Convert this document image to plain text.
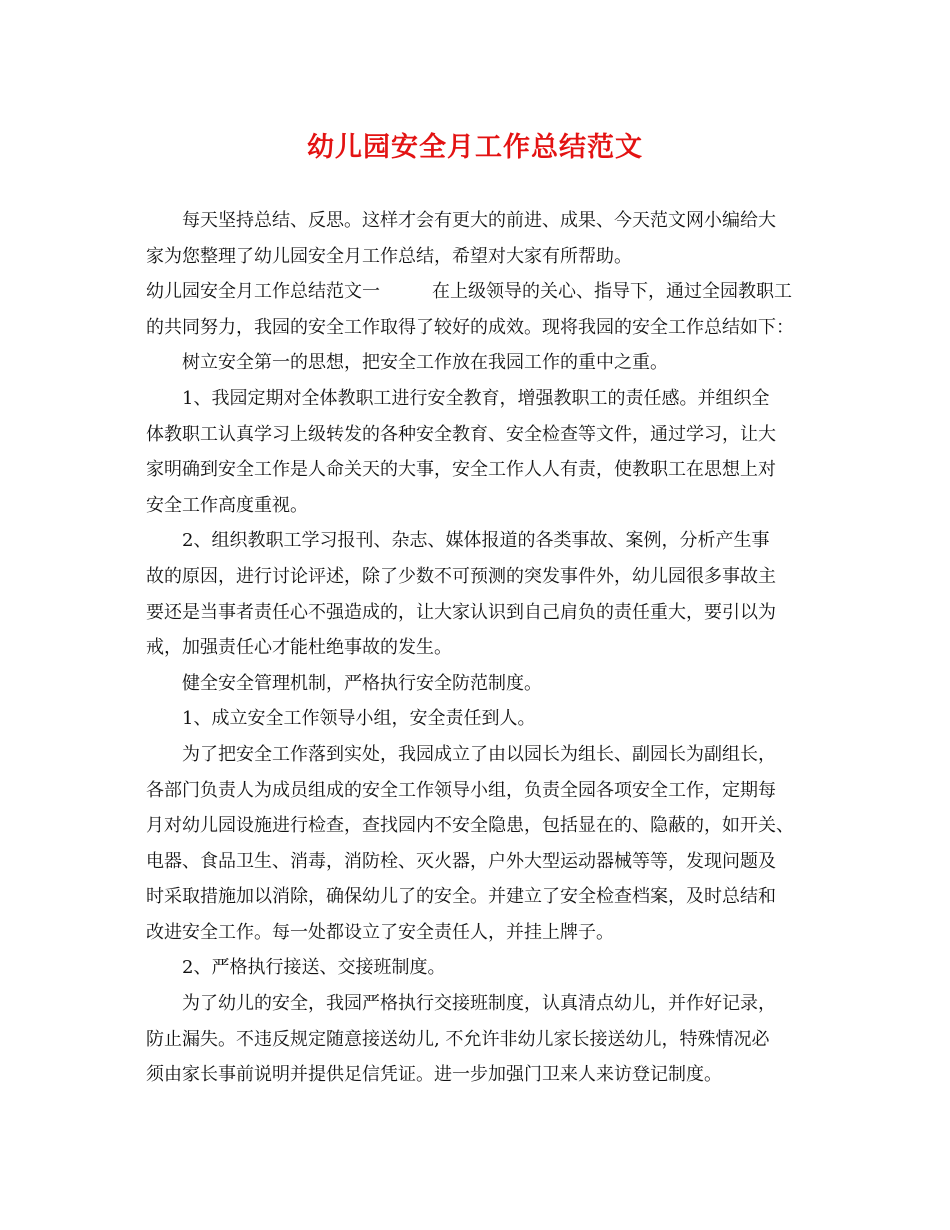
幼儿园安全月工作总结范文
每天坚持总结、反思。这样才会有更大的前进、成果、今天范文网小编给大
家为您整理了幼儿园安全月工作总结，希望对大家有所帮助。
幼儿园安全月工作总结范文一	在上级领导的关心、指导下，通过全园教职工
的共同努力，我园的安全工作取得了较好的成效。现将我园的安全工作总结如下：
树立安全第一的思想，把安全工作放在我园工作的重中之重。
1、我园定期对全体教职工进行安全教育，增强教职工的责任感。并组织全
体教职工认真学习上级转发的各种安全教育、安全检查等文件，通过学习，让大
家明确到安全工作是人命关天的大事，安全工作人人有责，使教职工在思想上对
安全工作高度重视。
2、组织教职工学习报刊、杂志、媒体报道的各类事故、案例，分析产生事
故的原因，进行讨论评述，除了少数不可预测的突发事件外，幼儿园很多事故主
要还是当事者责任心不强造成的，让大家认识到自己肩负的责任重大，要引以为
戒，加强责任心才能杜绝事故的发生。
健全安全管理机制，严格执行安全防范制度。
1、成立安全工作领导小组，安全责任到人。
为了把安全工作落到实处，我园成立了由以园长为组长、副园长为副组长，
各部门负责人为成员组成的安全工作领导小组，负责全园各项安全工作，定期每
月对幼儿园设施进行检查，查找园内不安全隐患，包括显在的、隐蔽的，如开关、
电器、食品卫生、消毒，消防栓、灭火器，户外大型运动器械等等，发现问题及
时采取措施加以消除，确保幼儿了的安全。并建立了安全检查档案，及时总结和
改进安全工作。每一处都设立了安全责任人，并挂上牌子。
2、严格执行接送、交接班制度。
为了幼儿的安全，我园严格执行交接班制度，认真清点幼儿，并作好记录，
防止漏失。不违反规定随意接送幼儿, 不允许非幼儿家长接送幼儿，特殊情况必
须由家长事前说明并提供足信凭证。进一步加强门卫来人来访登记制度。
